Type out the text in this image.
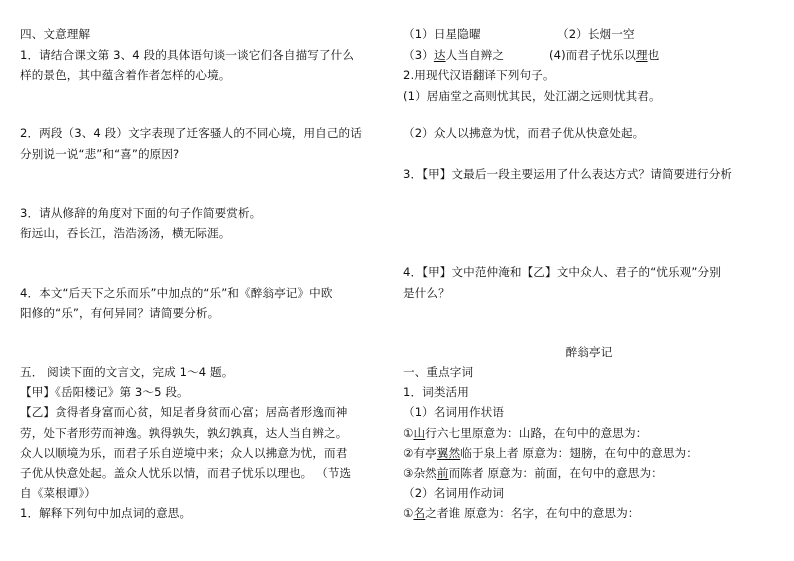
四、文意理解
1．请结合课文第 3、4 段的具体语句谈一谈它们各自描写了什么
样的景色，其中蕴含着作者怎样的心境。
2．两段（3、4 段）文字表现了迁客骚人的不同心境，用自己的话
分别说一说“悲”和“喜”的原因?
3．请从修辞的角度对下面的句子作简要赏析。
衔远山，吞长江，浩浩汤汤，横无际涯。
4．本文“后天下之乐而乐”中加点的“乐”和《醉翁亭记》中欧
阳修的“乐”，有何异同？请简要分析。
五． 阅读下面的文言文，完成 1～4 题。
【甲】《岳阳楼记》第 3～5 段。
【乙】贪得者身富而心贫，知足者身贫而心富；居高者形逸而神
劳，处下者形劳而神逸。孰得孰失，孰幻孰真，达人当自辨之。
众人以顺境为乐，而君子乐自逆境中来；众人以拂意为忧，而君
子优从快意处起。盖众人忧乐以情，而君子忧乐以理也。 （节选
自《菜根谭》）
1．解释下列句中加点词的意思。
（1）日星隐曜	（2）长烟一空
（3）达人当自辨之	(4)而君子忧乐以理也
2.用现代汉语翻译下列句子。
(1）居庙堂之高则忧其民，处江湖之远则忧其君。
（2）众人以拂意为忧，而君子优从快意处起。
3．【甲】文最后一段主要运用了什么表达方式？请简要进行分析
4．【甲】文中范仲淹和【乙】文中众人、君子的“忧乐观”分别
是什么？
醉翁亭记
一、重点字词
1．词类活用
（1）名词用作状语
①山行六七里原意为：山路，在句中的意思为：
②有亭翼然临于泉上者 原意为：翅膀，在句中的意思为：
③杂然前而陈者 原意为：前面，在句中的意思为：
（2）名词用作动词
①名之者谁 原意为：名字，在句中的意思为：
